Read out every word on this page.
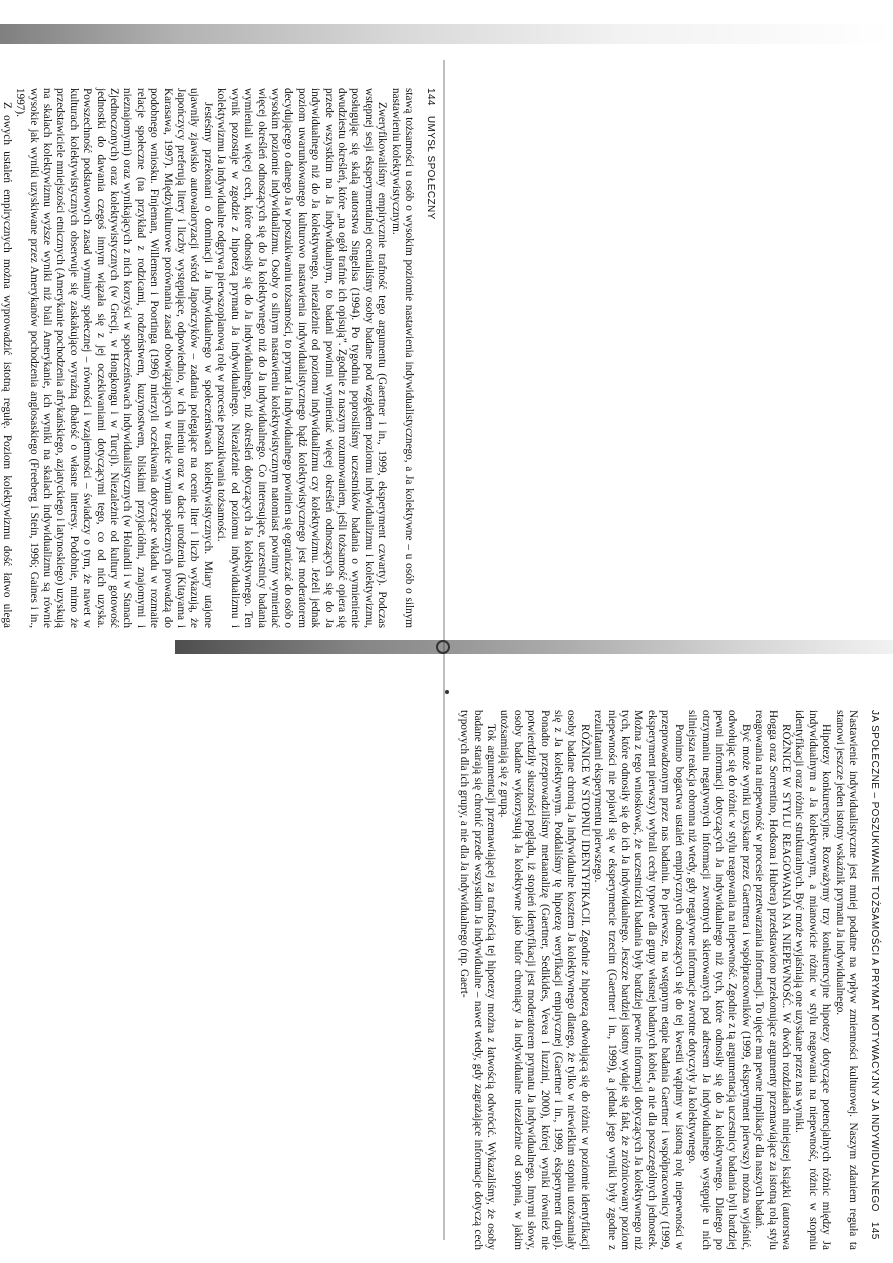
144
UMYSŁ SPOŁECZNY

stawą tożsamości u osób o wysokim poziomie nastawienia indywidualistycznego, a Ja kolektywne – u osób o silnym nastawieniu kolektywistycznym.

Zweryfikowaliśmy empirycznie trafność tego argumentu (Gaertner i in., 1999, eksperyment czwarty). Podczas wstępnej sesji eksperymentalnej ocenialiśmy osoby badane pod względem poziomu indywidualizmu i kolektywizmu, posługując się skalą autorstwa Singelisa (1994). Po tygodniu poprosiliśmy uczestników badania o wymienienie dwudziestu określeń, które „na ogół trafnie ich opisują”. Zgodnie z naszym rozumowaniem, jeśli tożsamość opiera się przede wszystkim na Ja indywidualnym, to badani powinni wymieniać więcej określeń odnoszących się do Ja indywidualnego niż do Ja kolektywnego, niezależnie od poziomu indywidualizmu czy kolektywizmu. Jeżeli jednak poziom uwarunkowanego kulturowo nastawienia indywidualistycznego bądź kolektywistycznego jest moderatorem decydującego o danego Ja w poszukiwaniu tożsamości, to prymat Ja indywidualnego powinien się ograniczać do osób o wysokim poziomie indywidualizmu. Osoby o silnym nastawieniu kolektywistycznym natomiast powinny wymieniać więcej określeń odnoszących się do Ja kolektywnego niż do Ja indywidualnego. Co interesujące, uczestnicy badania wymieniali więcej cech, które odnosiły się do Ja indywidualnego, niż określeń dotyczących Ja kolektywnego. Ten wynik pozostaje w zgodzie z hipotezą prymatu Ja indywidualnego. Niezależnie od poziomu indywidualizmu i kolektywizmu Ja indywidualne odgrywa pierwszoplanową rolę w procesie poszukiwania tożsamości.

Jesteśmy przekonani o dominacji Ja indywidualnego w społeczeństwach kolektywistycznych. Miary utajone ujawniły zjawisko autowaloryzacji wśród Japończyków – zadania polegające na ocenie liter i liczb wykazują, że Japończycy preferują litery i liczby występujące, odpowiednio, w ich imieniu oraz w dacie urodzenia (Kitayama i Karasawa, 1997). Międzykulturowe porównania zasad obowiązujących w trakcie wymian społecznych prowadzą do podobnego wniosku. Finjeman, Willemsen i Poortinga (1996) mierzyli oczekiwania dotyczące wkładu w rozmaite relacje społeczne (na przykład z rodzicami, rodzeństwem, kuzynostwem, bliskimi przyjaciółmi, znajomymi i nieznajomymi) oraz wynikających z nich korzyści w społeczeństwach indywidualistycznych (w Holandii i w Stanach Zjednoczonych) oraz kolektywistycznych (w Grecji, w Hongkongu i w Turcji). Niezależnie od kultury gotowość jednostki do dawania czegoś innym wiązała się z jej oczekiwaniami dotyczącymi tego, co od nich uzyska. Powszechność podstawowych zasad wymiany społecznej – równości i wzajemności – świadczy o tym, że nawet w kulturach kolektywistycznych obserwuje się zaskakująco wyraźną dbałość o własne interesy. Podobnie, mimo że przedstawiciele mniejszości etnicznych (Amerykanie pochodzenia afrykańskiego, azjatyckiego i latynoskiego) uzyskują na skalach kolektywizmu wyższe wyniki niż biali Amerykanie, ich wyniki na skalach indywidualizmu są równie wysokie jak wyniki uzyskiwane przez Amerykanów pochodzenia anglosaskiego (Freeberg i Stein, 1996; Gaines i in., 1997).

Z owych ustaleń empirycznych można wyprowadzić istotną regułę. Poziom kolektywizmu dość łatwo ulega

JA SPOŁECZNE – POSZUKIWANIE TOŻSAMOŚCI A PRYMAT MOTYWACYJNY JA INDYWIDUALNEGO
145

Nastawienie indywidualistyczne jest mniej podatne na wpływ zmienności kulturowej. Naszym zdaniem reguła ta stanowi jeszcze jeden istotny wskaźnik prymatu Ja indywidualnego.

Hipotezy konkurencyjne. Rozważymy trzy konkurencyjne hipotezy dotyczące potencjalnych różnic między Ja indywidualnym a Ja kolektywnym, a mianowicie różnic w stylu reagowania na niepewność, różnic w stopniu identyfikacji oraz różnic strukturalnych. Być może wyjaśniają one uzyskane przez nas wyniki.

RÓŻNICE W STYLU REAGOWANIA NA NIEPEWNOŚĆ. W dwóch rozdziałach niniejszej książki (autorstwa Hogga oraz Sorrentino, Hodsona i Hubera) przedstawiono przekonujące argumenty przemawiające za istotną rolą stylu reagowania na niepewność w procesie przetwarzania informacji. To ujęcie ma pewne implikacje dla naszych badań.

Być może wyniki uzyskane przez Gaertnera i współpracowników (1999, eksperyment pierwszy) można wyjaśnić, odwołując się do różnic w stylu reagowania na niepewność. Zgodnie z tą argumentacją uczestnicy badania byli bardziej pewni informacji dotyczących Ja indywidualnego niż tych, które odnosiły się do Ja kolektywnego. Dlatego po otrzymaniu negatywnych informacji zwrotnych skierowanych pod adresem Ja indywidualnego występuje u nich silniejsza reakcja obronna niż wtedy, gdy negatywne informacje zwrotne dotyczyły Ja kolektywnego.

Pomimo bogactwa ustaleń empirycznych odnoszących się do tej kwestii wątpimy w istotną rolę niepewności w przeprowadzonym przez nas badaniu. Po pierwsze, na wstępnym etapie badania Gaertner i współpracownicy (1999, eksperyment pierwszy) wybrali cechy typowe dla grupy własnej badanych kobiet, a nie dla poszczególnych jednostek. Można z tego wnioskować, że uczestniczki badania były bardziej pewne informacji dotyczących Ja kolektywnego niż tych, które odnosiły się do ich Ja indywidualnego. Jeszcze bardziej istotny wydaje się fakt, że zróżnicowany poziom niepewności nie pojawił się w eksperymencie trzecim (Gaertner i in., 1999), a jednak jego wyniki były zgodne z rezultatami eksperymentu pierwszego.

RÓŻNICE W STOPNIU IDENTYFIKACJI. Zgodnie z hipotezą odwołującą się do różnic w poziomie identyfikacji osoby badane chronią Ja indywidualne kosztem Ja kolektywnego dlatego, że tylko w niewielkim stopniu utożsamiały się z Ja kolektywnym. Poddaliśmy tę hipotezę weryfikacji empirycznej (Gaertner i in., 1999, eksperyment drugi). Ponadto przeprowadziliśmy metaanalizę (Gaertner, Sedikides, Vevea i Iuzzini, 2000), której wyniki również nie potwierdziły słuszności poglądu, iż stopień identyfikacji jest moderatorem prymatu Ja indywidualnego. Innymi słowy, osoby badane wykorzystują Ja kolektywne jako bufor chroniący Ja indywidualne niezależnie od stopnia, w jakim utożsamiają się z grupą.

Tok argumentacji przemawiającej za trafnością tej hipotezy można z łatwością odwrócić. Wykazaliśmy, że osoby badane starają się chronić przede wszystkim Ja indywidualne – nawet wtedy, gdy zagrażające informacje dotyczą cech typowych dla ich grupy, a nie dla Ja indywidualnego (np. Gaert-
